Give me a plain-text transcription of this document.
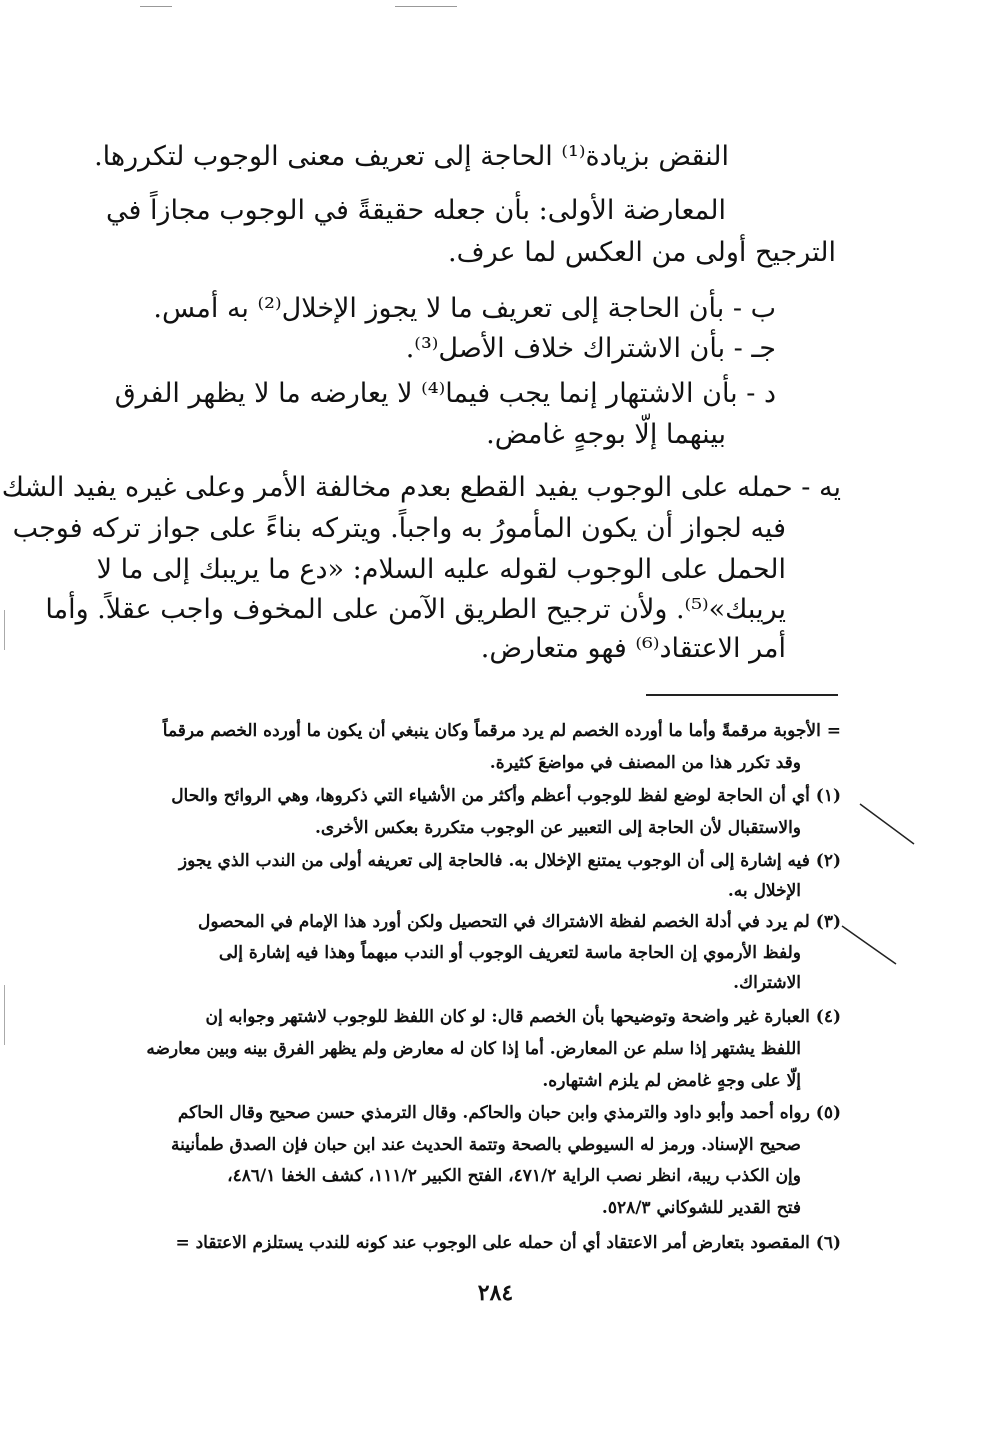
النقض بزيادة⁽¹⁾ الحاجة إلى تعريف معنى الوجوب لتكررها.
المعارضة الأولى: بأن جعله حقيقةً في الوجوب مجازاً في
الترجيح أولى من العكس لما عرف.
ب - بأن الحاجة إلى تعريف ما لا يجوز الإخلال⁽²⁾ به أمس.
جـ - بأن الاشتراك خلاف الأصل⁽³⁾.
د - بأن الاشتهار إنما يجب فيما⁽⁴⁾ لا يعارضه ما لا يظهر الفرق
بينهما إلّا بوجهٍ غامض.
يه - حمله على الوجوب يفيد القطع بعدم مخالفة الأمر وعلى غيره يفيد الشك
فيه لجواز أن يكون المأمورُ به واجباً. ويتركه بناءً على جواز تركه فوجب
الحمل على الوجوب لقوله عليه السلام: «دع ما يريبك إلى ما لا
يريبك»⁽⁵⁾. ولأن ترجيح الطريق الآمن على المخوف واجب عقلاً. وأما
أمر الاعتقاد⁽⁶⁾ فهو متعارض.
= الأجوبة مرقمةً وأما ما أورده الخصم لم يرد مرقماً وكان ينبغي أن يكون ما أورده الخصم مرقماً
وقد تكرر هذا من المصنف في مواضعَ كثيرة.
(١) أي أن الحاجة لوضع لفظ للوجوب أعظم وأكثر من الأشياء التي ذكروها، وهي الروائح والحال
والاستقبال لأن الحاجة إلى التعبير عن الوجوب متكررة بعكس الأخرى.
(٢) فيه إشارة إلى أن الوجوب يمتنع الإخلال به. فالحاجة إلى تعريفه أولى من الندب الذي يجوز
الإخلال به.
(٣) لم يرد في أدلة الخصم لفظة الاشتراك في التحصيل ولكن أورد هذا الإمام في المحصول
ولفظ الأرموي إن الحاجة ماسة لتعريف الوجوب أو الندب مبهماً وهذا فيه إشارة إلى
الاشتراك.
(٤) العبارة غير واضحة وتوضيحها بأن الخصم قال: لو كان اللفظ للوجوب لاشتهر وجوابه إن
اللفظ يشتهر إذا سلم عن المعارض. أما إذا كان له معارض ولم يظهر الفرق بينه وبين معارضه
إلّا على وجهٍ غامض لم يلزم اشتهاره.
(٥) رواه أحمد وأبو داود والترمذي وابن حبان والحاكم. وقال الترمذي حسن صحيح وقال الحاكم
صحيح الإسناد. ورمز له السيوطي بالصحة وتتمة الحديث عند ابن حبان فإن الصدق طمأنينة
وإن الكذب ريبة، انظر نصب الراية ٤٧١/٢، الفتح الكبير ١١١/٢، كشف الخفا ٤٨٦/١،
فتح القدير للشوكاني ٥٢٨/٣.
(٦) المقصود بتعارض أمر الاعتقاد أي أن حمله على الوجوب عند كونه للندب يستلزم الاعتقاد =
٢٨٤
